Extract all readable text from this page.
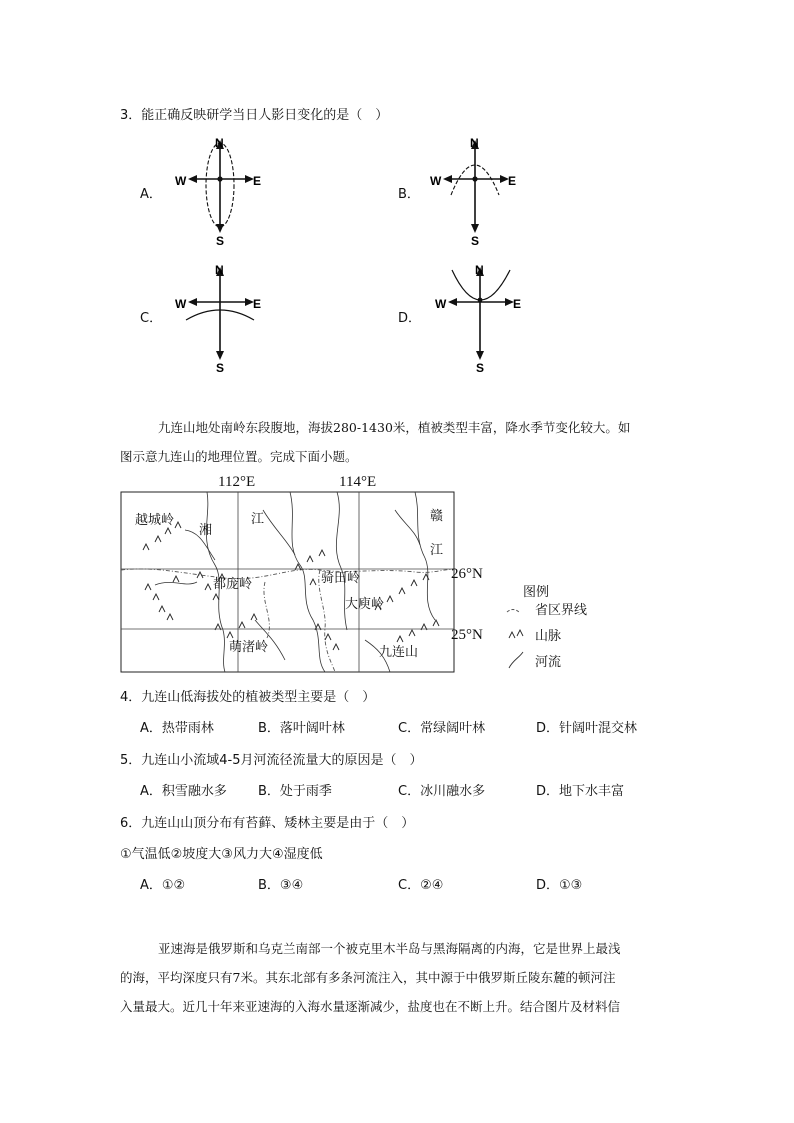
3．能正确反映研学当日人影日变化的是（　）
A．	B．
C．	D．
N
S
W	E
N
S
W	E
N
S
W	E
N
S
W	E
九连山地处南岭东段腹地，海拔280-1430米，植被类型丰富，降水季节变化较大。如
图示意九连山的地理位置。完成下面小题。
112°E	114°E
26°N
25°N
越城岭
湘
江	赣
江
都庞岭	骑田岭
大庾岭
萌渚岭	九连山
图例
省区界线
山脉
河流
4．九连山低海拔处的植被类型主要是（　）
A．热带雨林	B．落叶阔叶林	C．常绿阔叶林	D．针阔叶混交林
5．九连山小流域4-5月河流径流量大的原因是（　）
A．积雪融水多 B．处于雨季	C．冰川融水多	D．地下水丰富
6．九连山山顶分布有苔藓、矮林主要是由于（　）
①气温低②坡度大③风力大④湿度低
A．①②	B．③④	C．②④	D．①③
亚速海是俄罗斯和乌克兰南部一个被克里木半岛与黑海隔离的内海，它是世界上最浅
的海，平均深度只有7米。其东北部有多条河流注入，其中源于中俄罗斯丘陵东麓的顿河注
入量最大。近几十年来亚速海的入海水量逐渐减少，盐度也在不断上升。结合图片及材料信
